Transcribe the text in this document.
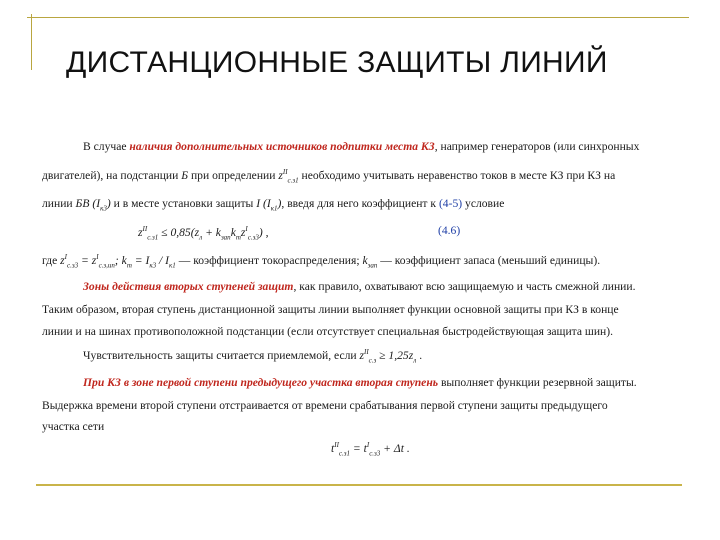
ДИСТАНЦИОННЫЕ ЗАЩИТЫ ЛИНИЙ
В случае наличия дополнительных источников подпитки места КЗ, например генераторов (или синхронных
двигателей), на подстанции Б при определении $z^{II}_{с.з1}$ необходимо учитывать неравенство токов в месте КЗ при КЗ на
линии БВ $(I_{к3})$ и в месте установки защиты I $(I_{к1})$, введя для него коэффициент к (4-5) условие
$z^{II}_{с.з1} \le 0,85(z_л + k_{зап}k_тz^I_{с.з3})$ ,	(4.6)
где $z^I_{с.з3} = z^I_{с.з,ип}$; $k_т = I_{к3} / I_{к1}$ — коэффициент токораспределения; $k_{зап}$ — коэффициент запаса (меньший единицы).
Зоны действия вторых ступеней защит, как правило, охватывают всю защищаемую и часть смежной линии.
Таким образом, вторая ступень дистанционной защиты линии выполняет функции основной защиты при КЗ в конце
линии и на шинах противоположной подстанции (если отсутствует специальная быстродействующая защита шин).
Чувствительность защиты считается приемлемой, если $z^{II}_{с.з} \ge 1,25z_л$ .
При КЗ в зоне первой ступени предыдущего участка вторая ступень выполняет функции резервной защиты.
Выдержка времени второй ступени отстраивается от времени срабатывания первой ступени защиты предыдущего
участка сети
$t^{II}_{с.з1} = t^I_{с.з3} + \Delta t$ .
